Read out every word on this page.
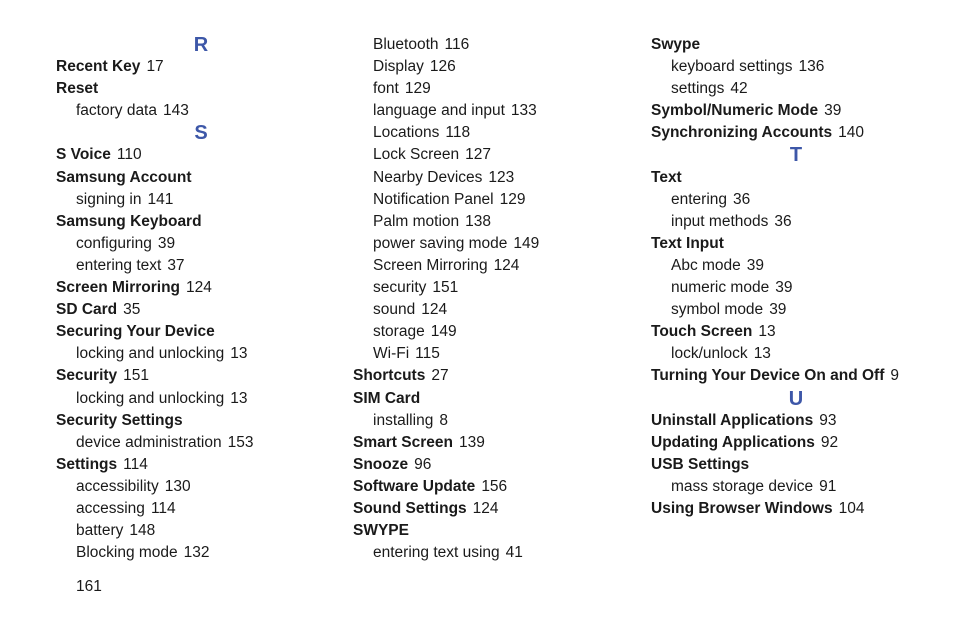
R
Recent Key 17
Reset
factory data 143
S
S Voice 110
Samsung Account
signing in 141
Samsung Keyboard
configuring 39
entering text 37
Screen Mirroring 124
SD Card 35
Securing Your Device
locking and unlocking 13
Security 151
locking and unlocking 13
Security Settings
device administration 153
Settings 114
accessibility 130
accessing 114
battery 148
Blocking mode 132
Bluetooth 116
Display 126
font 129
language and input 133
Locations 118
Lock Screen 127
Nearby Devices 123
Notification Panel 129
Palm motion 138
power saving mode 149
Screen Mirroring 124
security 151
sound 124
storage 149
Wi-Fi 115
Shortcuts 27
SIM Card
installing 8
Smart Screen 139
Snooze 96
Software Update 156
Sound Settings 124
SWYPE
entering text using 41
Swype
keyboard settings 136
settings 42
Symbol/Numeric Mode 39
Synchronizing Accounts 140
T
Text
entering 36
input methods 36
Text Input
Abc mode 39
numeric mode 39
symbol mode 39
Touch Screen 13
lock/unlock 13
Turning Your Device On and Off 9
U
Uninstall Applications 93
Updating Applications 92
USB Settings
mass storage device 91
Using Browser Windows 104
161
